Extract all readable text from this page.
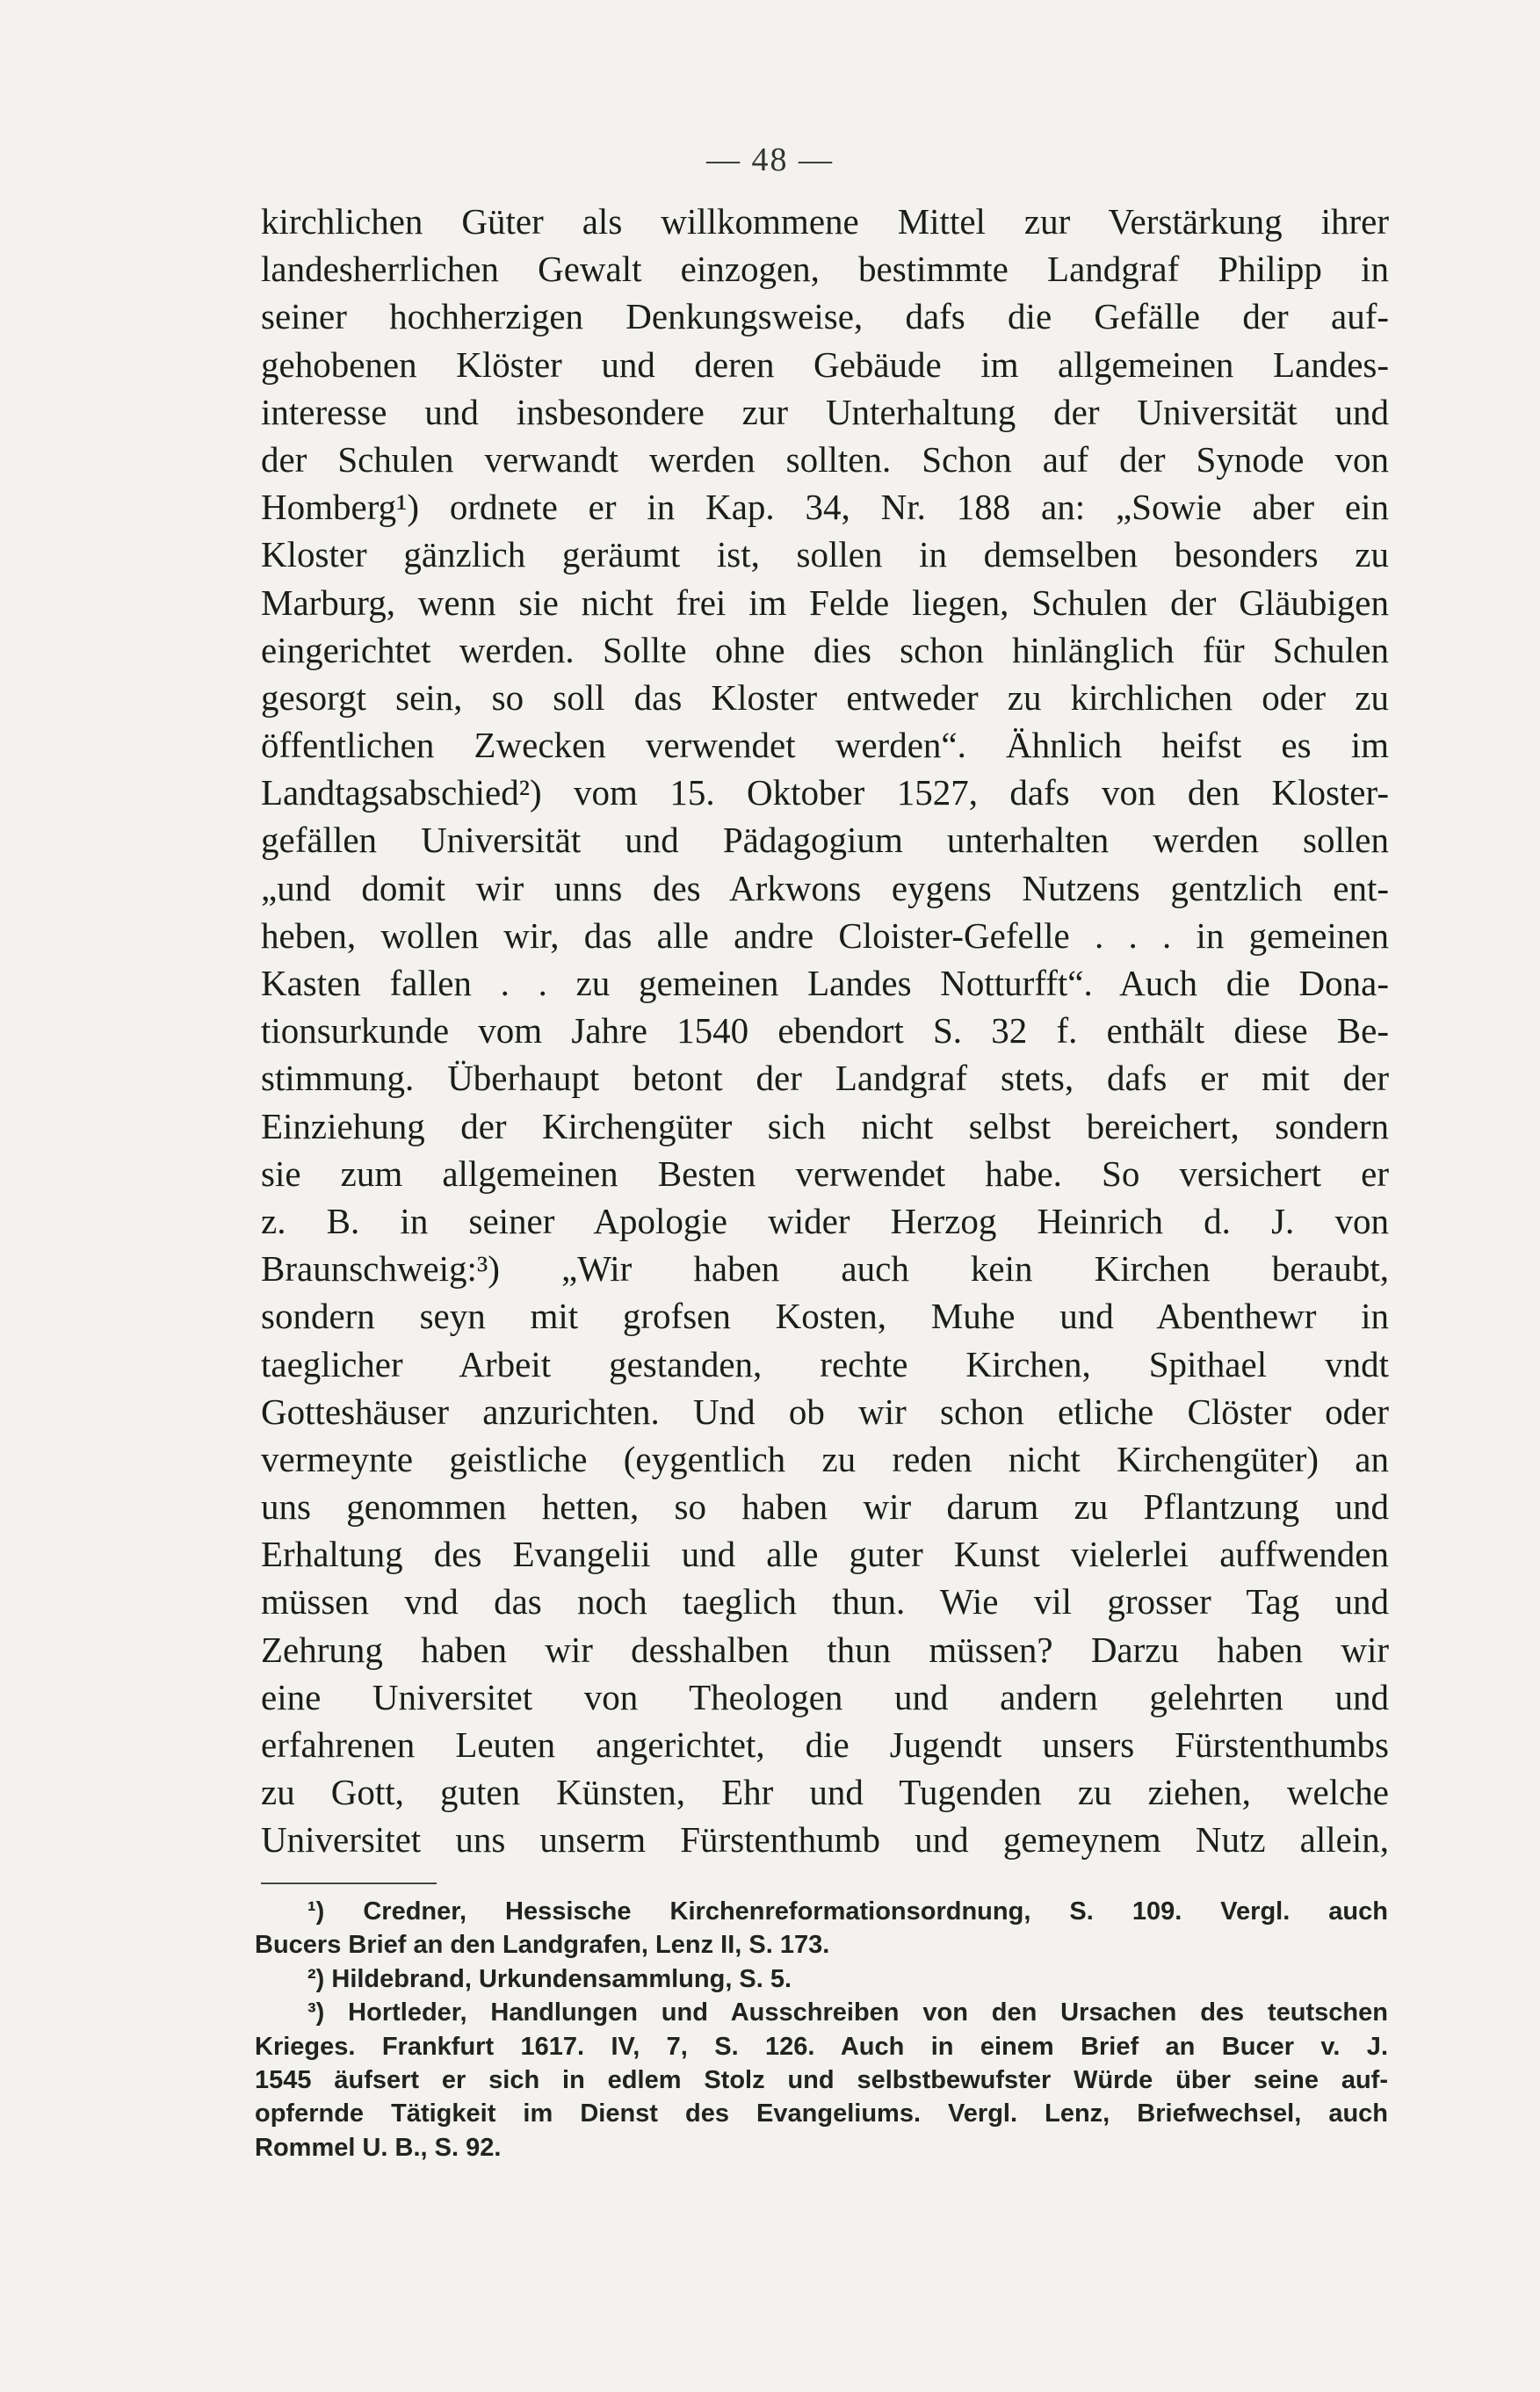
— 48 —
kirchlichen Güter als willkommene Mittel zur Verstärkung ihrer
landesherrlichen Gewalt einzogen, bestimmte Landgraf Philipp in
seiner hochherzigen Denkungsweise, dafs die Gefälle der auf-
gehobenen Klöster und deren Gebäude im allgemeinen Landes-
interesse und insbesondere zur Unterhaltung der Universität und
der Schulen verwandt werden sollten. Schon auf der Synode von
Homberg¹) ordnete er in Kap. 34, Nr. 188 an: „Sowie aber ein
Kloster gänzlich geräumt ist, sollen in demselben besonders zu
Marburg, wenn sie nicht frei im Felde liegen, Schulen der Gläubigen
eingerichtet werden. Sollte ohne dies schon hinlänglich für Schulen
gesorgt sein, so soll das Kloster entweder zu kirchlichen oder zu
öffentlichen Zwecken verwendet werden“. Ähnlich heifst es im
Landtagsabschied²) vom 15. Oktober 1527, dafs von den Kloster-
gefällen Universität und Pädagogium unterhalten werden sollen
„und domit wir unns des Arkwons eygens Nutzens gentzlich ent-
heben, wollen wir, das alle andre Cloister-Gefelle . . . in gemeinen
Kasten fallen . . zu gemeinen Landes Notturfft“. Auch die Dona-
tionsurkunde vom Jahre 1540 ebendort S. 32 f. enthält diese Be-
stimmung. Überhaupt betont der Landgraf stets, dafs er mit der
Einziehung der Kirchengüter sich nicht selbst bereichert, sondern
sie zum allgemeinen Besten verwendet habe. So versichert er
z. B. in seiner Apologie wider Herzog Heinrich d. J. von
Braunschweig:³) „Wir haben auch kein Kirchen beraubt,
sondern seyn mit grofsen Kosten, Muhe und Abenthewr in
taeglicher Arbeit gestanden, rechte Kirchen, Spithael vndt
Gotteshäuser anzurichten. Und ob wir schon etliche Clöster oder
vermeynte geistliche (eygentlich zu reden nicht Kirchengüter) an
uns genommen hetten, so haben wir darum zu Pflantzung und
Erhaltung des Evangelii und alle guter Kunst vielerlei auffwenden
müssen vnd das noch taeglich thun. Wie vil grosser Tag und
Zehrung haben wir desshalben thun müssen? Darzu haben wir
eine Universitet von Theologen und andern gelehrten und
erfahrenen Leuten angerichtet, die Jugendt unsers Fürstenthumbs
zu Gott, guten Künsten, Ehr und Tugenden zu ziehen, welche
Universitet uns unserm Fürstenthumb und gemeynem Nutz allein,
¹) Credner, Hessische Kirchenreformationsordnung, S. 109. Vergl. auch
Bucers Brief an den Landgrafen, Lenz II, S. 173.
²) Hildebrand, Urkundensammlung, S. 5.
³) Hortleder, Handlungen und Ausschreiben von den Ursachen des teutschen
Krieges. Frankfurt 1617. IV, 7, S. 126. Auch in einem Brief an Bucer v. J.
1545 äufsert er sich in edlem Stolz und selbstbewufster Würde über seine auf-
opfernde Tätigkeit im Dienst des Evangeliums. Vergl. Lenz, Briefwechsel, auch
Rommel U. B., S. 92.
